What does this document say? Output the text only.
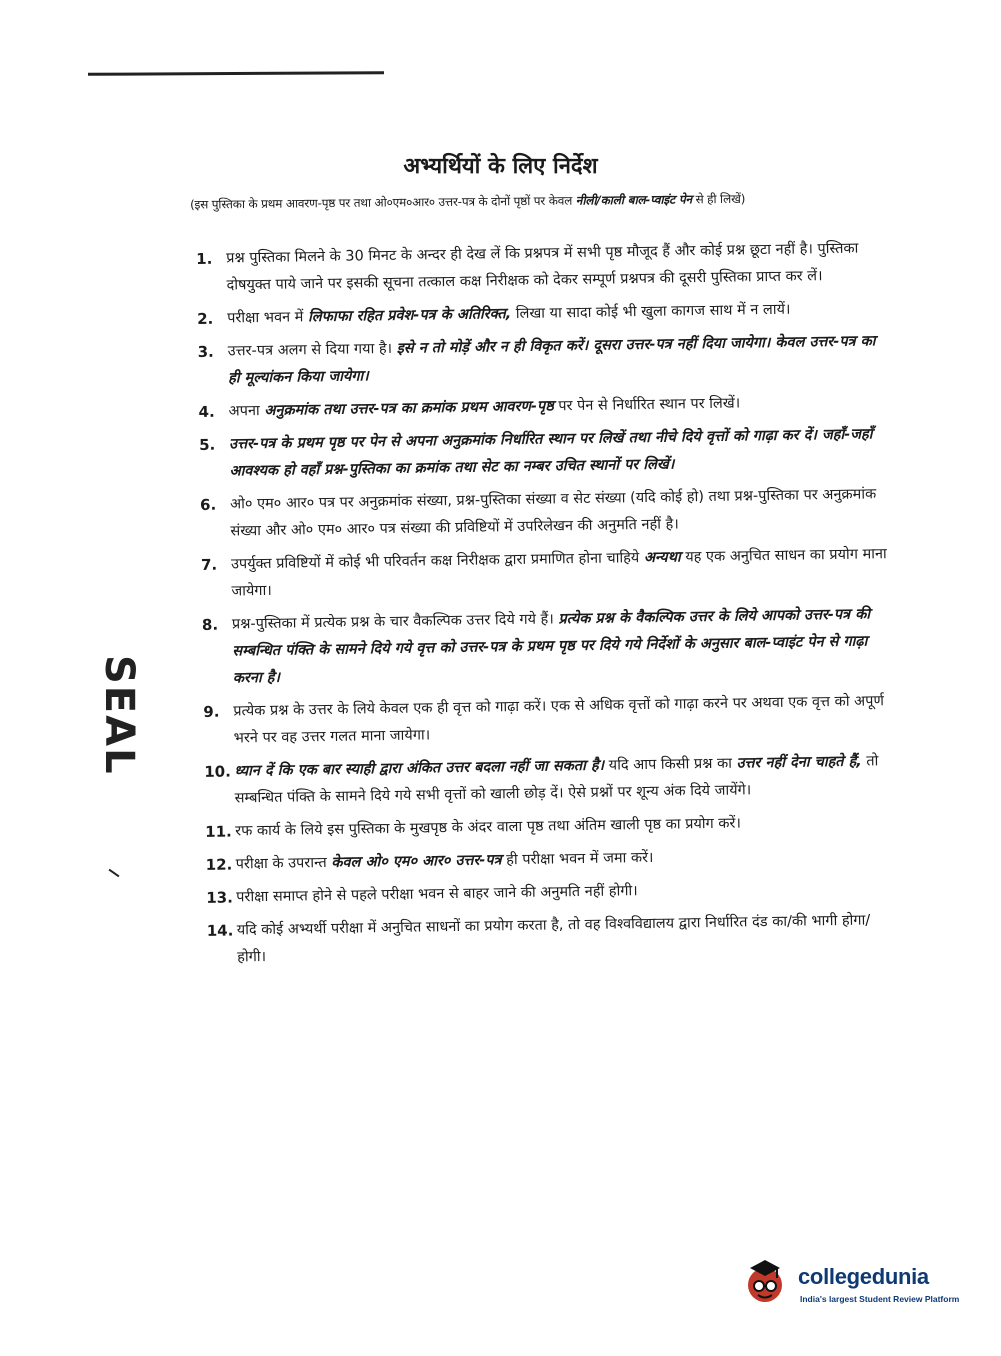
अभ्यर्थियों के लिए निर्देश
(इस पुस्तिका के प्रथम आवरण-पृष्ठ पर तथा ओ०एम०आर० उत्तर-पत्र के दोनों पृष्ठों पर केवल नीली/काली बाल-प्वाइंट पेन से ही लिखें)
SEAL
1. प्रश्न पुस्तिका मिलने के 30 मिनट के अन्दर ही देख लें कि प्रश्नपत्र में सभी पृष्ठ मौजूद हैं और कोई प्रश्न छूटा नहीं है। पुस्तिका दोषयुक्त पाये जाने पर इसकी सूचना तत्काल कक्ष निरीक्षक को देकर सम्पूर्ण प्रश्नपत्र की दूसरी पुस्तिका प्राप्त कर लें।
2. परीक्षा भवन में लिफाफा रहित प्रवेश-पत्र के अतिरिक्त, लिखा या सादा कोई भी खुला कागज साथ में न लायें।
3. उत्तर-पत्र अलग से दिया गया है। इसे न तो मोड़ें और न ही विकृत करें। दूसरा उत्तर-पत्र नहीं दिया जायेगा। केवल उत्तर-पत्र का ही मूल्यांकन किया जायेगा।
4. अपना अनुक्रमांक तथा उत्तर-पत्र का क्रमांक प्रथम आवरण-पृष्ठ पर पेन से निर्धारित स्थान पर लिखें।
5. उत्तर-पत्र के प्रथम पृष्ठ पर पेन से अपना अनुक्रमांक निर्धारित स्थान पर लिखें तथा नीचे दिये वृत्तों को गाढ़ा कर दें। जहाँ-जहाँ आवश्यक हो वहाँ प्रश्न-पुस्तिका का क्रमांक तथा सेट का नम्बर उचित स्थानों पर लिखें।
6. ओ० एम० आर० पत्र पर अनुक्रमांक संख्या, प्रश्न-पुस्तिका संख्या व सेट संख्या (यदि कोई हो) तथा प्रश्न-पुस्तिका पर अनुक्रमांक संख्या और ओ० एम० आर० पत्र संख्या की प्रविष्टियों में उपरिलेखन की अनुमति नहीं है।
7. उपर्युक्त प्रविष्टियों में कोई भी परिवर्तन कक्ष निरीक्षक द्वारा प्रमाणित होना चाहिये अन्यथा यह एक अनुचित साधन का प्रयोग माना जायेगा।
8. प्रश्न-पुस्तिका में प्रत्येक प्रश्न के चार वैकल्पिक उत्तर दिये गये हैं। प्रत्येक प्रश्न के वैकल्पिक उत्तर के लिये आपको उत्तर-पत्र की सम्बन्धित पंक्ति के सामने दिये गये वृत्त को उत्तर-पत्र के प्रथम पृष्ठ पर दिये गये निर्देशों के अनुसार बाल-प्वाइंट पेन से गाढ़ा करना है।
9. प्रत्येक प्रश्न के उत्तर के लिये केवल एक ही वृत्त को गाढ़ा करें। एक से अधिक वृत्तों को गाढ़ा करने पर अथवा एक वृत्त को अपूर्ण भरने पर वह उत्तर गलत माना जायेगा।
10. ध्यान दें कि एक बार स्याही द्वारा अंकित उत्तर बदला नहीं जा सकता है। यदि आप किसी प्रश्न का उत्तर नहीं देना चाहते हैं, तो सम्बन्धित पंक्ति के सामने दिये गये सभी वृत्तों को खाली छोड़ दें। ऐसे प्रश्नों पर शून्य अंक दिये जायेंगे।
11. रफ कार्य के लिये इस पुस्तिका के मुखपृष्ठ के अंदर वाला पृष्ठ तथा अंतिम खाली पृष्ठ का प्रयोग करें।
12. परीक्षा के उपरान्त केवल ओ० एम० आर० उत्तर-पत्र ही परीक्षा भवन में जमा करें।
13. परीक्षा समाप्त होने से पहले परीक्षा भवन से बाहर जाने की अनुमति नहीं होगी।
14. यदि कोई अभ्यर्थी परीक्षा में अनुचित साधनों का प्रयोग करता है, तो वह विश्वविद्यालय द्वारा निर्धारित दंड का/की भागी होगा/होगी।
collegedunia
India's largest Student Review Platform
